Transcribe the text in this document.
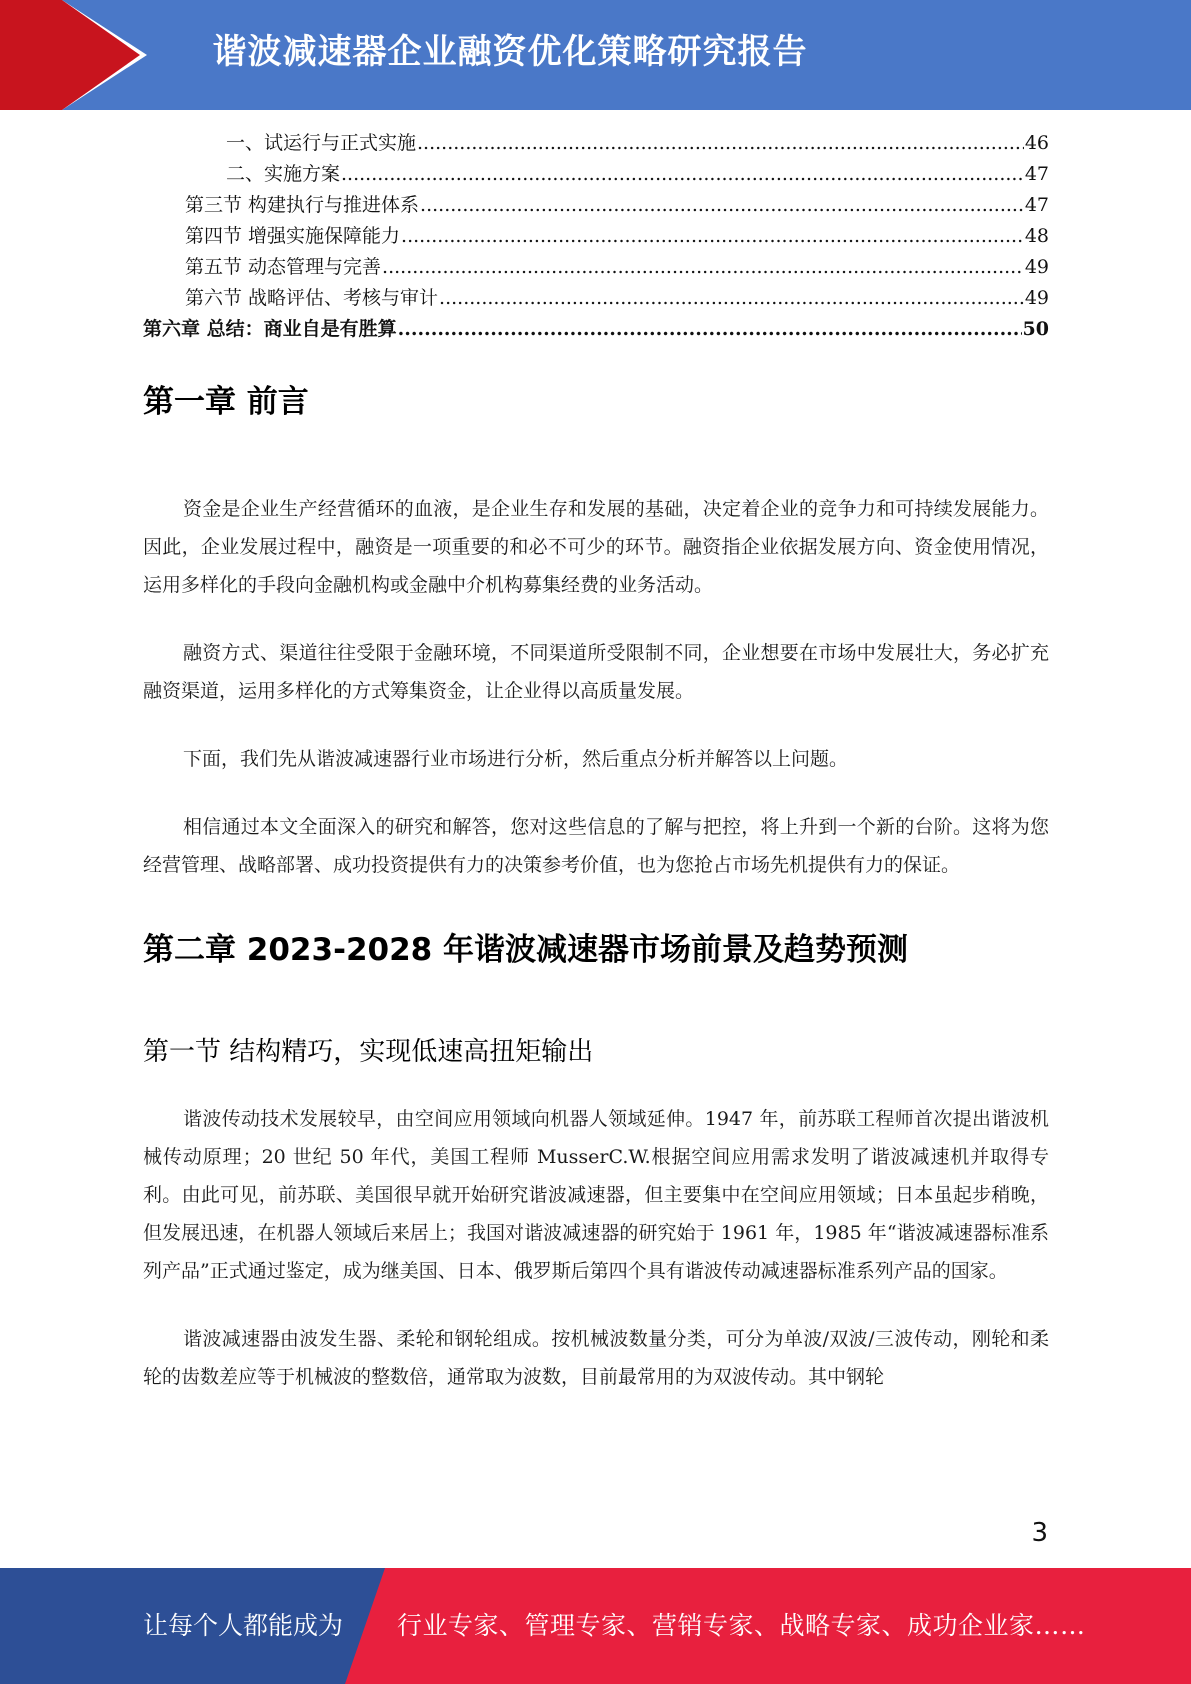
谐波减速器企业融资优化策略研究报告
一、试运行与正式实施 .....	46
二、实施方案 .....	47
第三节 构建执行与推进体系 .....	47
第四节 增强实施保障能力 .....	48
第五节 动态管理与完善 .....	49
第六节 战略评估、考核与审计 .....	49
第六章 总结：商业自是有胜算 .....	50
第一章 前言

资金是企业生产经营循环的血液，是企业生存和发展的基础，决定着企业的竞争力和可持续发展能力。因此，企业发展过程中，融资是一项重要的和必不可少的环节。融资指企业依据发展方向、资金使用情况，运用多样化的手段向金融机构或金融中介机构募集经费的业务活动。

融资方式、渠道往往受限于金融环境，不同渠道所受限制不同，企业想要在市场中发展壮大，务必扩充融资渠道，运用多样化的方式筹集资金，让企业得以高质量发展。

下面，我们先从谐波减速器行业市场进行分析，然后重点分析并解答以上问题。

相信通过本文全面深入的研究和解答，您对这些信息的了解与把控，将上升到一个新的台阶。这将为您经营管理、战略部署、成功投资提供有力的决策参考价值，也为您抢占市场先机提供有力的保证。

第二章 2023-2028 年谐波减速器市场前景及趋势预测
第一节 结构精巧，实现低速高扭矩输出

谐波传动技术发展较早，由空间应用领域向机器人领域延伸。1947 年，前苏联工程师首次提出谐波机械传动原理；20 世纪 50 年代，美国工程师 MusserC.W.根据空间应用需求发明了谐波减速机并取得专利。由此可见，前苏联、美国很早就开始研究谐波减速器，但主要集中在空间应用领域；日本虽起步稍晚，但发展迅速，在机器人领域后来居上；我国对谐波减速器的研究始于 1961 年，1985 年“谐波减速器标准系列产品”正式通过鉴定，成为继美国、日本、俄罗斯后第四个具有谐波传动减速器标准系列产品的国家。

谐波减速器由波发生器、柔轮和钢轮组成。按机械波数量分类，可分为单波/双波/三波传动，刚轮和柔轮的齿数差应等于机械波的整数倍，通常取为波数，目前最常用的为双波传动。其中钢轮

3
让每个人都能成为 行业专家、管理专家、营销专家、战略专家、成功企业家……
